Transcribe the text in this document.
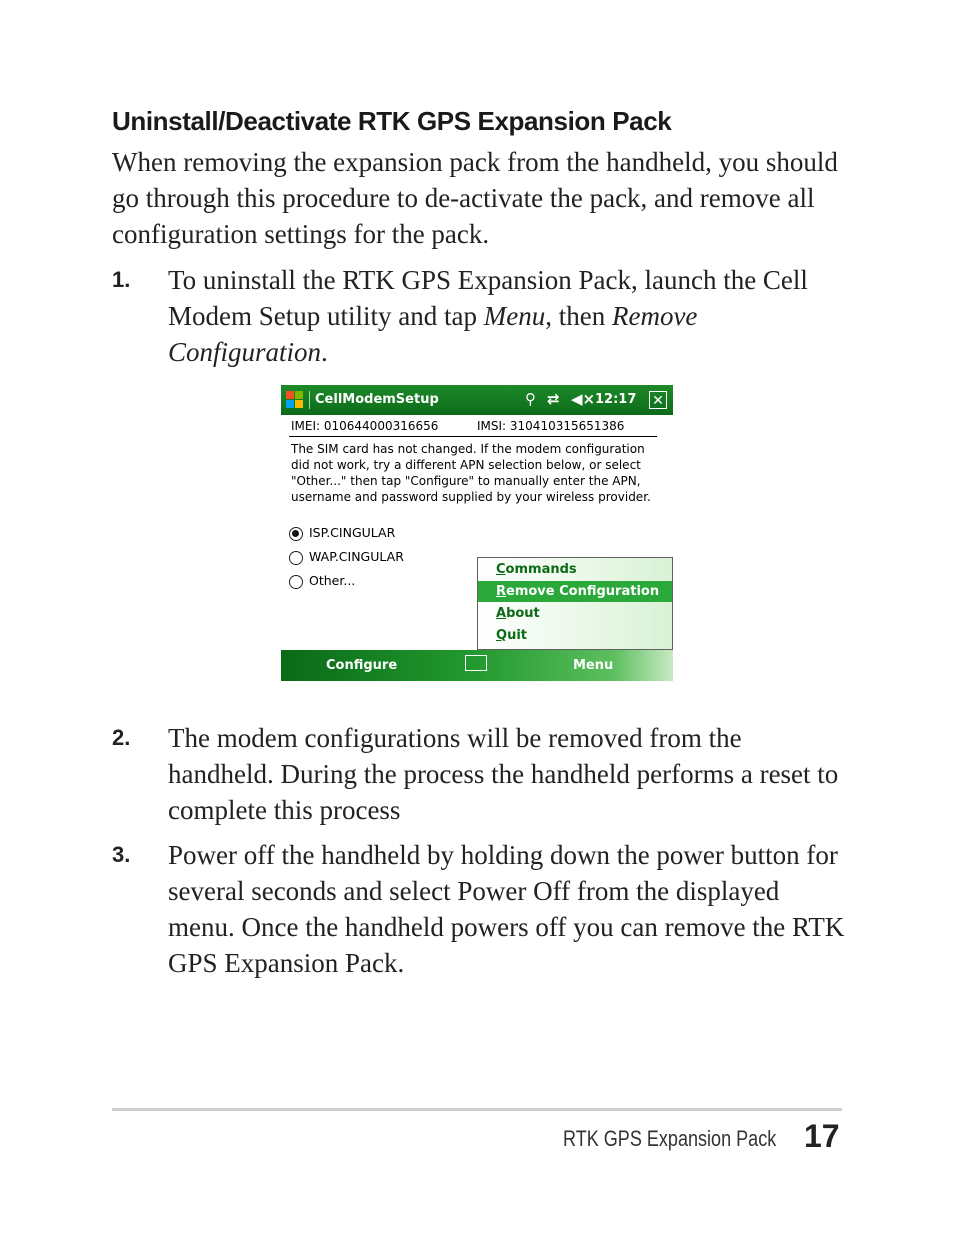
Uninstall/Deactivate RTK GPS Expansion Pack

When removing the expansion pack from the handheld, you should go through this procedure to de-activate the pack, and remove all configuration settings for the pack.

1.	To uninstall the RTK GPS Expansion Pack, launch the Cell Modem Setup utility and tap Menu, then Remove Configuration.
CellModemSetup	⚲ ⇄ ◀× 12:17 ✕
IMEI: 010644000316656	IMSI: 310410315651386
The SIM card has not changed. If the modem configuration did not work, try a different APN selection below, or select "Other..." then tap "Configure" to manually enter the APN, username and password supplied by your wireless provider.
ISP.CINGULAR
WAP.CINGULAR
Other...
Commands
Remove Configuration
About
Quit
Configure	Menu
2.	The modem configurations will be removed from the handheld. During the process the handheld performs a reset to complete this process
3.	Power off the handheld by holding down the power button for several seconds and select Power Off from the displayed menu. Once the handheld powers off you can remove the RTK GPS Expansion Pack.
RTK GPS Expansion Pack 17
